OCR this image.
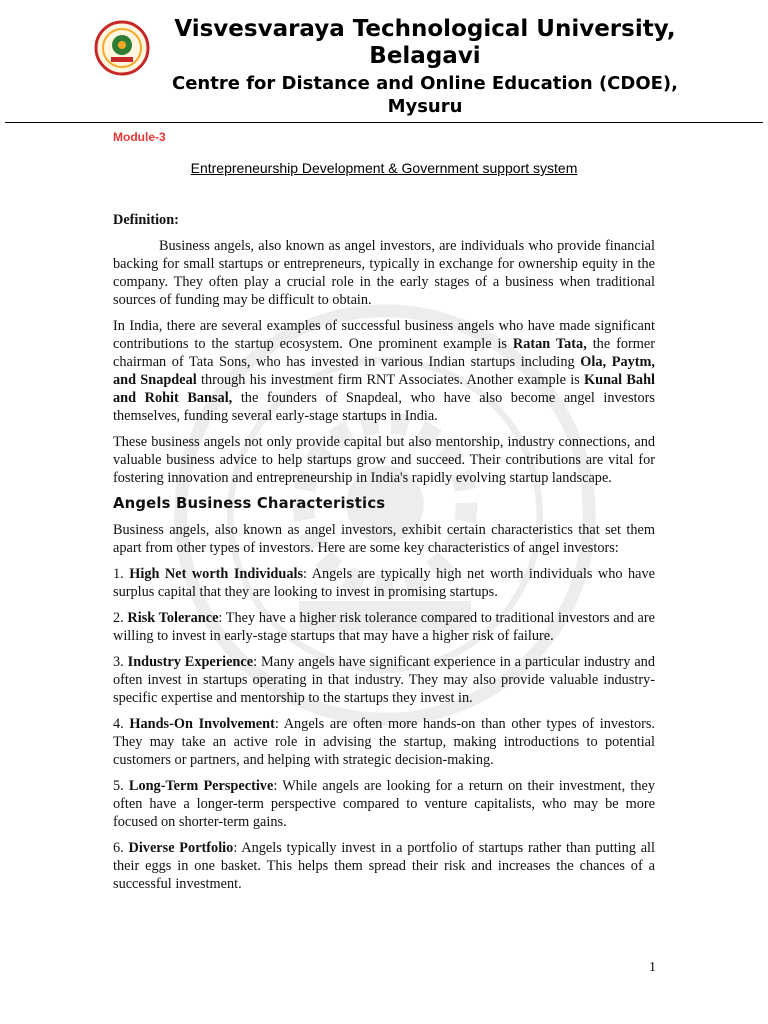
Visvesvaraya Technological University, Belagavi
Centre for Distance and Online Education (CDOE), Mysuru
Module-3
Entrepreneurship Development & Government support system

Definition:

Business angels, also known as angel investors, are individuals who provide financial backing for small startups or entrepreneurs, typically in exchange for ownership equity in the company. They often play a crucial role in the early stages of a business when traditional sources of funding may be difficult to obtain.

In India, there are several examples of successful business angels who have made significant contributions to the startup ecosystem. One prominent example is Ratan Tata, the former chairman of Tata Sons, who has invested in various Indian startups including Ola, Paytm, and Snapdeal through his investment firm RNT Associates. Another example is Kunal Bahl and Rohit Bansal, the founders of Snapdeal, who have also become angel investors themselves, funding several early-stage startups in India.

These business angels not only provide capital but also mentorship, industry connections, and valuable business advice to help startups grow and succeed. Their contributions are vital for fostering innovation and entrepreneurship in India's rapidly evolving startup landscape.

Angels Business Characteristics

Business angels, also known as angel investors, exhibit certain characteristics that set them apart from other types of investors. Here are some key characteristics of angel investors:

1. High Net worth Individuals: Angels are typically high net worth individuals who have surplus capital that they are looking to invest in promising startups.

2. Risk Tolerance: They have a higher risk tolerance compared to traditional investors and are willing to invest in early-stage startups that may have a higher risk of failure.

3. Industry Experience: Many angels have significant experience in a particular industry and often invest in startups operating in that industry. They may also provide valuable industry-specific expertise and mentorship to the startups they invest in.

4. Hands-On Involvement: Angels are often more hands-on than other types of investors. They may take an active role in advising the startup, making introductions to potential customers or partners, and helping with strategic decision-making.

5. Long-Term Perspective: While angels are looking for a return on their investment, they often have a longer-term perspective compared to venture capitalists, who may be more focused on shorter-term gains.

6. Diverse Portfolio: Angels typically invest in a portfolio of startups rather than putting all their eggs in one basket. This helps them spread their risk and increases the chances of a successful investment.

1
